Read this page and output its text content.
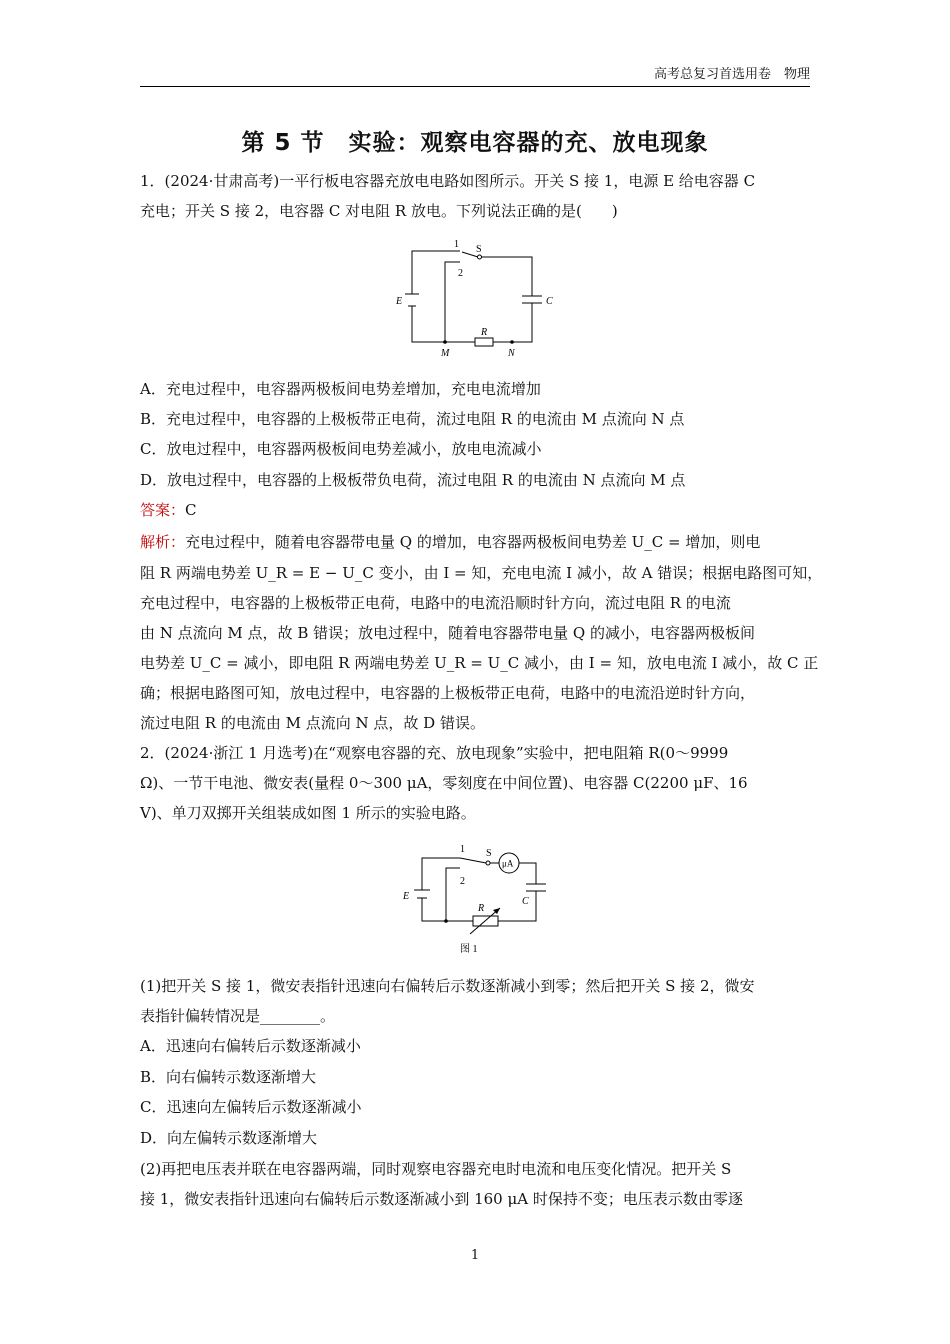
高考总复习首选用卷　物理
第 5 节　实验：观察电容器的充、放电现象
1．(2024·甘肃高考)一平行板电容器充放电电路如图所示。开关 S 接 1，电源 E 给电容器 C
充电；开关 S 接 2，电容器 C 对电阻 R 放电。下列说法正确的是(　　)
1
2
S
E	C
R
M	N
A．充电过程中，电容器两极板间电势差增加，充电电流增加
B．充电过程中，电容器的上极板带正电荷，流过电阻 R 的电流由 M 点流向 N 点
C．放电过程中，电容器两极板间电势差减小，放电电流减小
D．放电过程中，电容器的上极板带负电荷，流过电阻 R 的电流由 N 点流向 M 点
答案：C
解析：充电过程中，随着电容器带电量 Q 的增加，电容器两极板间电势差 U_C = 增加，则电
阻 R 两端电势差 U_R = E − U_C 变小，由 I = 知，充电电流 I 减小，故 A 错误；根据电路图可知，
充电过程中，电容器的上极板带正电荷，电路中的电流沿顺时针方向，流过电阻 R 的电流
由 N 点流向 M 点，故 B 错误；放电过程中，随着电容器带电量 Q 的减小，电容器两极板间
电势差 U_C = 减小，即电阻 R 两端电势差 U_R = U_C 减小，由 I = 知，放电电流 I 减小，故 C 正
确；根据电路图可知，放电过程中，电容器的上极板带正电荷，电路中的电流沿逆时针方向，
流过电阻 R 的电流由 M 点流向 N 点，故 D 错误。
2．(2024·浙江 1 月选考)在“观察电容器的充、放电现象”实验中，把电阻箱 R(0～9999
Ω)、一节干电池、微安表(量程 0～300 μA，零刻度在中间位置)、电容器 C(2200 μF、16
V)、单刀双掷开关组装成如图 1 所示的实验电路。
μA
1
2
S
E	C
R
图 1
(1)把开关 S 接 1，微安表指针迅速向右偏转后示数逐渐减小到零；然后把开关 S 接 2，微安
表指针偏转情况是________。
A．迅速向右偏转后示数逐渐减小
B．向右偏转示数逐渐增大
C．迅速向左偏转后示数逐渐减小
D．向左偏转示数逐渐增大
(2)再把电压表并联在电容器两端，同时观察电容器充电时电流和电压变化情况。把开关 S
接 1，微安表指针迅速向右偏转后示数逐渐减小到 160 μA 时保持不变；电压表示数由零逐
1
